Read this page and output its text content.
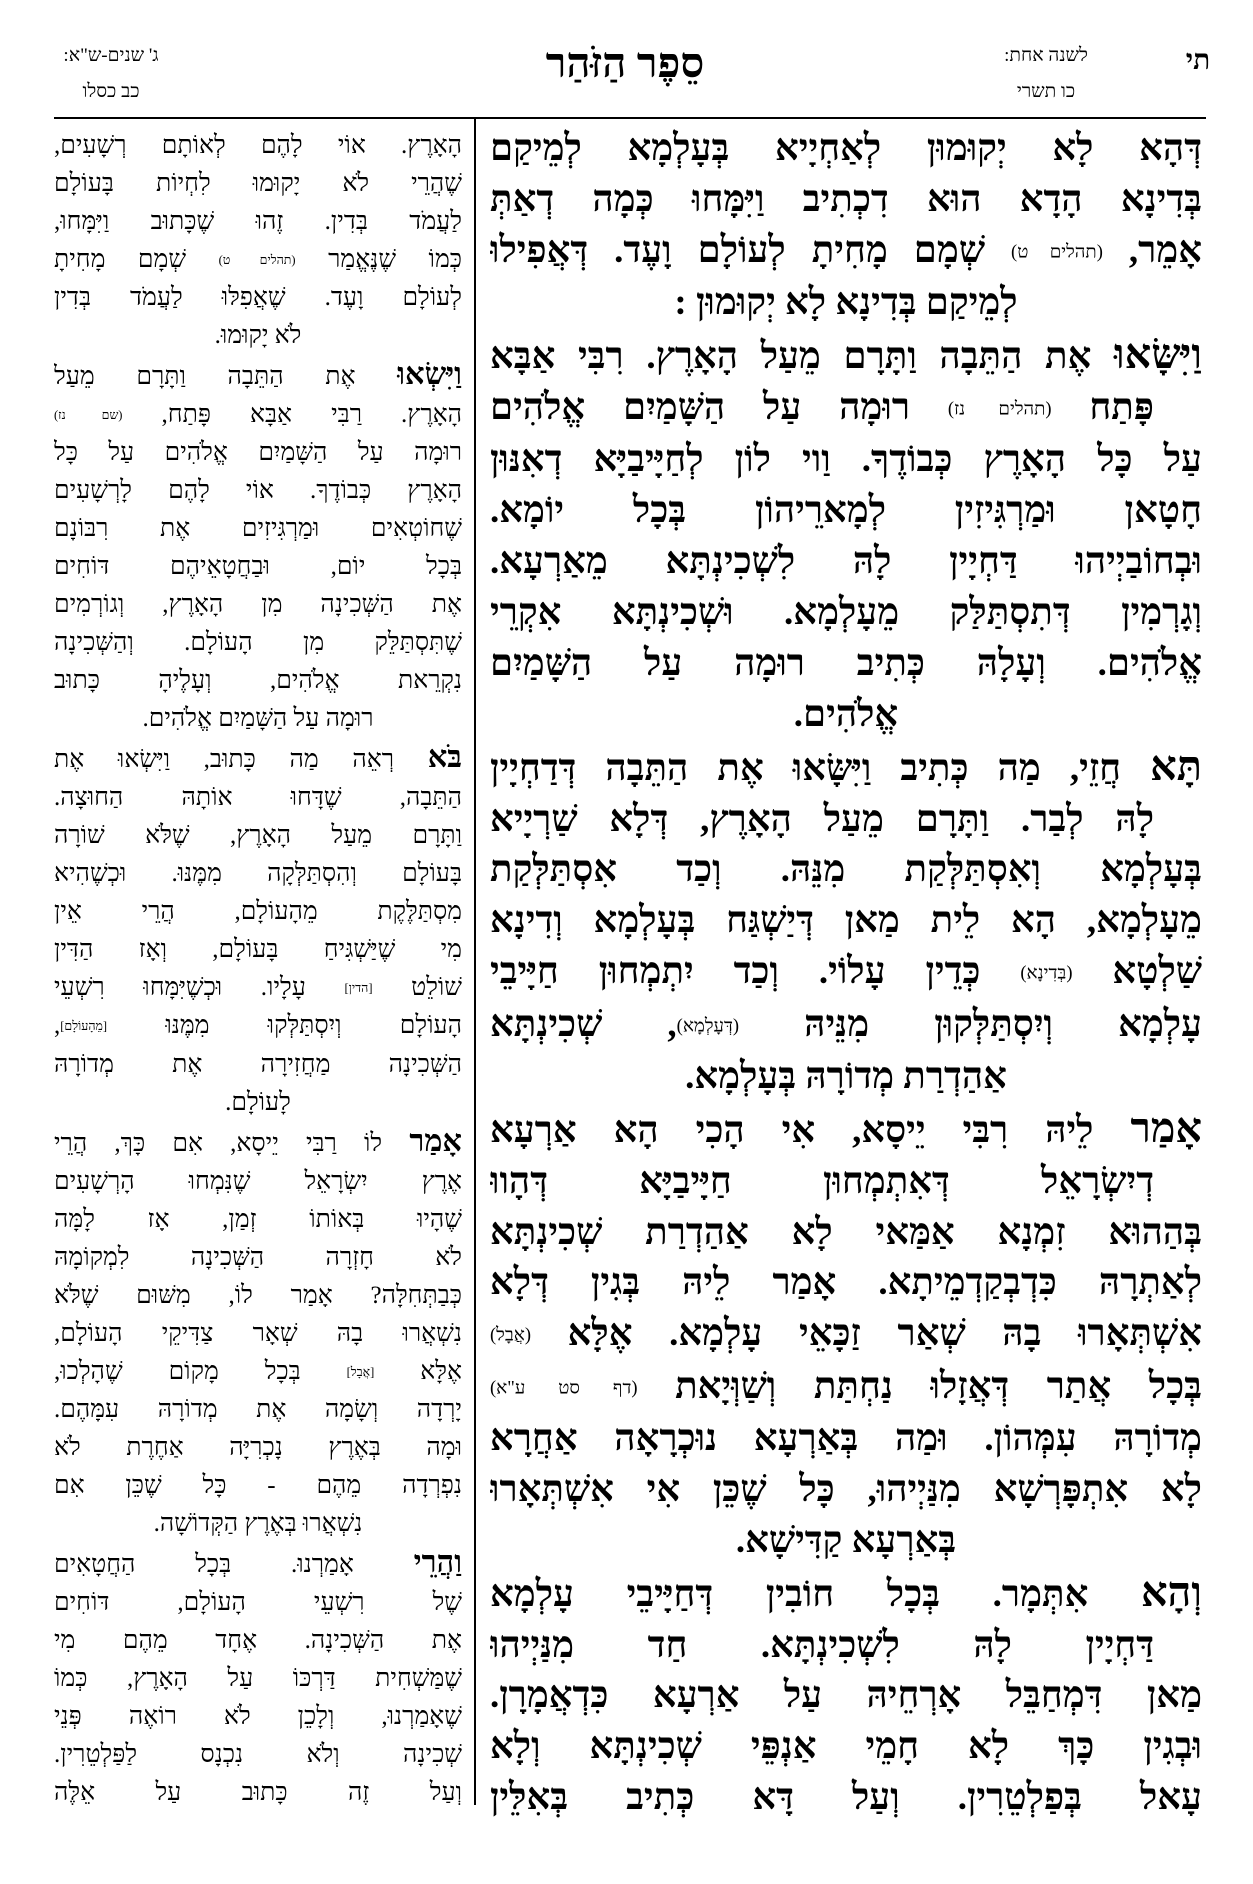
תי
לשנה אחת:
כו תשרי
סֵפֶר הַזֹּהַר
ג' שנים-ש"א:
כב כסלו
דְּהָא לָא יְקוּמוּן לְאַחְיָיא בְּעָלְמָא לְמֵיקַם
בְּדִינָא הָדָא הוּא דִכְתִיב וַיִּמָּחוּ כְּמָה דְאַתְּ
אָמֵר, (תהלים ט) שְׁמָם מָחִיתָ לְעוֹלָם וָעֶד. דְּאֲפִילוּ
לְמֵיקַם בְּדִינָא לָא יְקוּמוּן :
וַיִּשָּׂאוּ אֶת הַתֵּבָה וַתָּרָם מֵעַל הָאָרֶץ. רִבִּי אַבָּא
פָּתַח (תהלים נז) רוּמָה עַל הַשָּׁמַיִם אֱלֹהִים
עַל כָּל הָאָרֶץ כְּבוֹדֶךָ. וַוי לוֹן לְחַיָּיבַיָּא דְאִנּוּן
חָטָאן וּמַרְגִּיזִין לְמָארֵיהוֹן בְּכָל יוֹמָא.
וּבְחוֹבַיְיהוּ דַּחְיָין לָהּ לִשְׁכִינְתָּא מֵאַרְעָא.
וְגָרְמִין דְּתִסְתַּלַּק מֵעָלְמָא. וּשְׁכִינְתָּא אִקְרֵי
אֱלֹהִים. וְעָלָהּ כְּתִיב רוּמָה עַל הַשָּׁמַיִם
אֱלֹהִים.
תָּא חֲזֵי, מַה כְּתִיב וַיִּשָּׂאוּ אֶת הַתֵּבָה דְּדַחְיָין
לָהּ לְבַר. וַתָּרָם מֵעַל הָאָרֶץ, דְּלָא שַׁרְיָיא
בְּעָלְמָא וְאִסְתַּלְּקַת מִנֵּהּ. וְכַד אִסְתַּלְּקַת
מֵעָלְמָא, הָא לֵית מַאן דְּיַשְׁגַּח בְּעָלְמָא וְדִינָא
שַׁלְטָא (בְּדִינָא) כְּדֵין עָלוֹי. וְכַד יִתְמְחוּן חַיָּיבֵי
עָלְמָא וְיִסְתַּלְּקוּן מִנֵּיהּ (דְּעָלְמָא), שְׁכִינְתָּא
אַהַדְרַת מְדוֹרָהּ בְּעָלְמָא.
אָמַר לֵיהּ רִבִּי יֵיסָא, אִי הָכִי הָא אַרְעָא
דְיִשְׂרָאֵל דְּאִתְמְחוּן חַיָּיבַיָּא דְּהָווּ
בְּהַהוּא זִמְנָא אַמַּאי לָא אַהַדְרַת שְׁכִינְתָּא
לְאַתְרָהּ כִּדְבְקַדְמֵיתָא. אָמַר לֵיהּ בְּגִין דְּלָא
אִשְׁתְּאָרוּ בָהּ שְׁאַר זַכָּאֵי עָלְמָא. אֶלָּא (אֲבָל)
בְּכָל אֲתַר דְּאֲזָלוּ נַחְתַּת וְשַׁוְּיָאת (דף סט ע"א)
מְדוֹרָהּ עִמְּהוֹן. וּמַה בְּאַרְעָא נוּכְרָאָה אַחֲרָא
לָא אִתְפָּרְשָׁא מִנַּיְיהוּ, כָּל שֶׁכֵּן אִי אִשְׁתְּאָרוּ
בְּאַרְעָא קַדִּישָׁא.
וְהָא אִתְּמָר. בְּכָל חוֹבִין דְּחַיָּיבֵי עָלְמָא
דַּחְיָין לָהּ לִשְׁכִינְתָּא. חַד מִנַּיְיהוּ
מַאן דִּמְחַבֵּל אָרְחֵיהּ עַל אַרְעָא כִּדְאֲמָרָן.
וּבְגִין כָּךְ לָא חָמֵי אַנְפֵּי שְׁכִינְתָּא וְלָא
עָאל בְּפַלְטֵרִין. וְעַל דָּא כְּתִיב בְּאִלֵּין
הָאָרֶץ. אוֹי לָהֶם לְאוֹתָם רְשָׁעִים,
שֶׁהֲרֵי לֹא יָקוּמוּ לִחְיוֹת בָּעוֹלָם
לַעֲמֹד בְּדִין. זֶהוּ שֶׁכָּתוּב וַיִּמָּחוּ,
כְּמוֹ שֶׁנֶּאֱמַר (תהלים ט) שְׁמָם מָחִיתָ
לְעוֹלָם וָעֶד. שֶׁאֲפִלּוּ לַעֲמֹד בְּדִין
לֹא יָקוּמוּ.
וַיִּשְׂאוּ אֶת הַתֵּבָה וַתָּרָם מֵעַל
הָאָרֶץ. רַבִּי אַבָּא פָּתַח, (שם נז)
רוּמָה עַל הַשָּׁמַיִם אֱלֹהִים עַל כָּל
הָאָרֶץ כְּבוֹדֶךָ. אוֹי לָהֶם לָרְשָׁעִים
שֶׁחוֹטְאִים וּמַרְגִּיזִים אֶת רִבּוֹנָם
בְּכָל יוֹם, וּבַחֲטָאֵיהֶם דּוֹחִים
אֶת הַשְּׁכִינָה מִן הָאָרֶץ, וְגוֹרְמִים
שֶׁתִּסְתַּלֵּק מִן הָעוֹלָם. וְהַשְּׁכִינָה
נִקְרֵאת אֱלֹהִים, וְעָלֶיהָ כָּתוּב
רוּמָה עַל הַשָּׁמַיִם אֱלֹהִים.
בֹּא רְאֵה מַה כָּתוּב, וַיִּשְׂאוּ אֶת
הַתֵּבָה, שֶׁדָּחוּ אוֹתָהּ הַחוּצָה.
וַתָּרָם מֵעַל הָאָרֶץ, שֶׁלֹּא שׁוֹרָה
בָּעוֹלָם וְהִסְתַּלְּקָה מִמֶּנּוּ. וּכְשֶׁהִיא
מִסְתַּלֶּקֶת מֵהָעוֹלָם, הֲרֵי אֵין
מִי שֶׁיַּשְׁגִּיחַ בָּעוֹלָם, וְאָז הַדִּין
שׁוֹלֵט [הדין] עָלָיו. וּכְשֶׁיִּמָּחוּ רִשְׁעֵי
הָעוֹלָם וְיִסְתַּלְּקוּ מִמֶּנּוּ [מֵהָעוֹלָם],
הַשְּׁכִינָה מַחֲזִירָה אֶת מְדוֹרָהּ
לָעוֹלָם.
אָמַר לוֹ רַבִּי יֵיסָא, אִם כָּךְ, הֲרֵי
אֶרֶץ יִשְׂרָאֵל שֶׁנִּמְחוּ הָרְשָׁעִים
שֶׁהָיוּ בְּאוֹתוֹ זְמַן, אָז לָמָּה
לֹא חָזְרָה הַשְּׁכִינָה לִמְקוֹמָהּ
כְּבַתְּחִלָּה? אָמַר לוֹ, מִשּׁוּם שֶׁלֹּא
נִשְׁאֲרוּ בָהּ שְׁאָר צַדִּיקֵי הָעוֹלָם,
אֶלָּא [אֲבָל] בְּכָל מָקוֹם שֶׁהָלְכוּ,
יָרְדָה וְשָׂמָה אֶת מְדוֹרָהּ עִמָּהֶם.
וּמָה בְּאֶרֶץ נָכְרִיָּה אַחֶרֶת לֹא
נִפְרְדָה מֵהֶם - כָּל שֶׁכֵּן אִם
נִשְׁאֲרוּ בְּאֶרֶץ הַקְּדוֹשָׁה.
וַהֲרֵי אָמַרְנוּ. בְּכָל הַחֲטָאִים
שֶׁל רִשְׁעֵי הָעוֹלָם, דּוֹחִים
אֶת הַשְּׁכִינָה. אֶחָד מֵהֶם מִי
שֶׁמַּשְׁחִית דַּרְכּוֹ עַל הָאָרֶץ, כְּמוֹ
שֶׁאָמַרְנוּ, וְלָכֵן לֹא רוֹאֶה פְּנֵי
שְׁכִינָה וְלֹא נִכְנָס לַפַּלְטֵרִין.
וְעַל זֶה כָּתוּב עַל אֵלֶּה
